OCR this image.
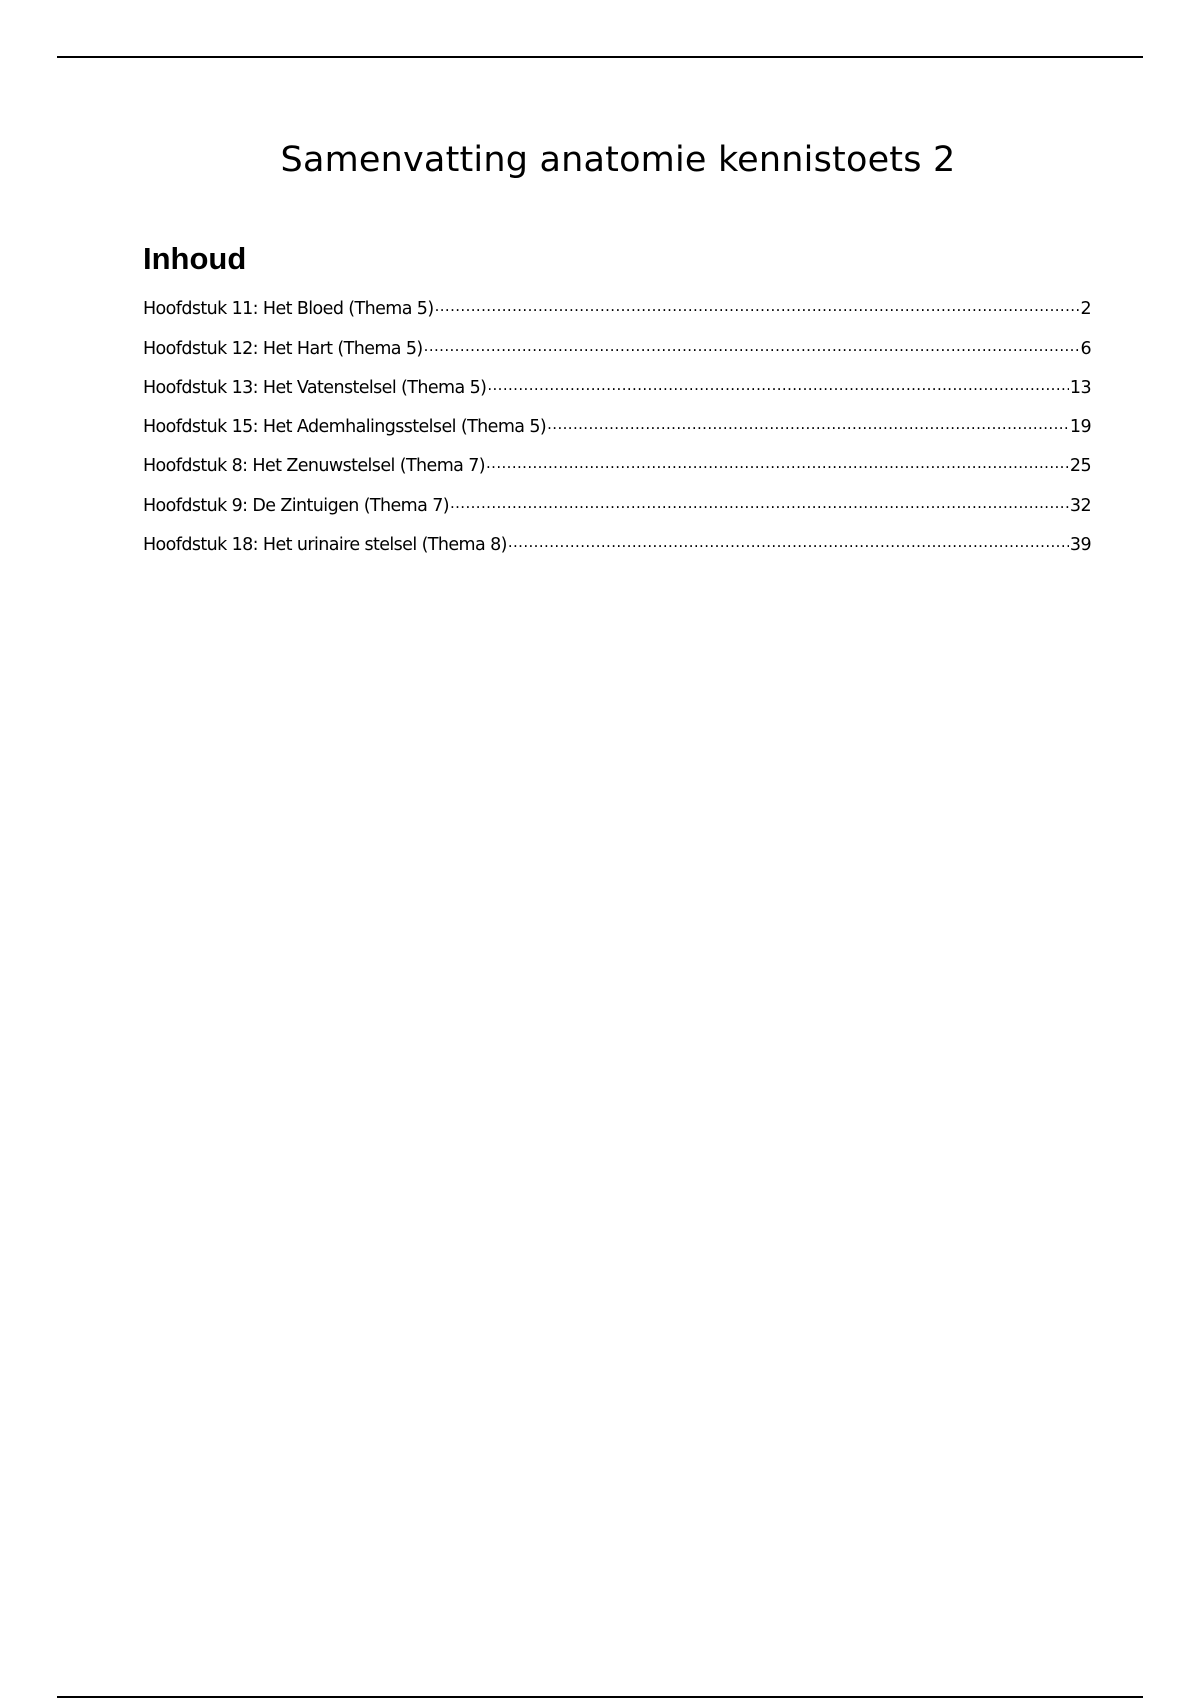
Samenvatting anatomie kennistoets 2
Inhoud
Hoofdstuk 11: Het Bloed (Thema 5) .....	2
Hoofdstuk 12: Het Hart (Thema 5) .....	6
Hoofdstuk 13: Het Vatenstelsel (Thema 5) .....	13
Hoofdstuk 15: Het Ademhalingsstelsel (Thema 5) .....	19
Hoofdstuk 8: Het Zenuwstelsel (Thema 7) .....	25
Hoofdstuk 9: De Zintuigen (Thema 7) .....	32
Hoofdstuk 18: Het urinaire stelsel (Thema 8) .....	39
